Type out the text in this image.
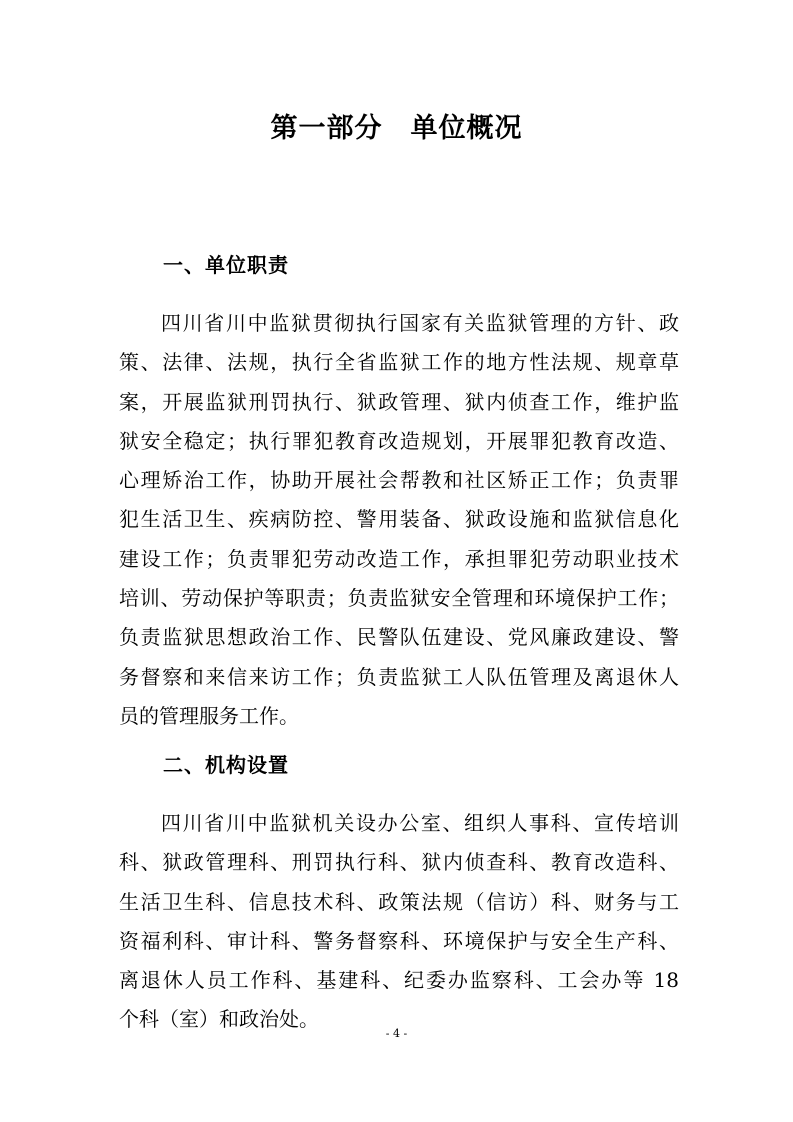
第一部分　单位概况
一、单位职责
四川省川中监狱贯彻执行国家有关监狱管理的方针、政
策、法律、法规，执行全省监狱工作的地方性法规、规章草
案，开展监狱刑罚执行、狱政管理、狱内侦查工作，维护监
狱安全稳定；执行罪犯教育改造规划，开展罪犯教育改造、
心理矫治工作，协助开展社会帮教和社区矫正工作；负责罪
犯生活卫生、疾病防控、警用装备、狱政设施和监狱信息化
建设工作；负责罪犯劳动改造工作，承担罪犯劳动职业技术
培训、劳动保护等职责；负责监狱安全管理和环境保护工作；
负责监狱思想政治工作、民警队伍建设、党风廉政建设、警
务督察和来信来访工作；负责监狱工人队伍管理及离退休人
员的管理服务工作。
二、机构设置
四川省川中监狱机关设办公室、组织人事科、宣传培训
科、狱政管理科、刑罚执行科、狱内侦查科、教育改造科、
生活卫生科、信息技术科、政策法规（信访）科、财务与工
资福利科、审计科、警务督察科、环境保护与安全生产科、
离退休人员工作科、基建科、纪委办监察科、工会办等 18
个科（室）和政治处。

- 4 -
